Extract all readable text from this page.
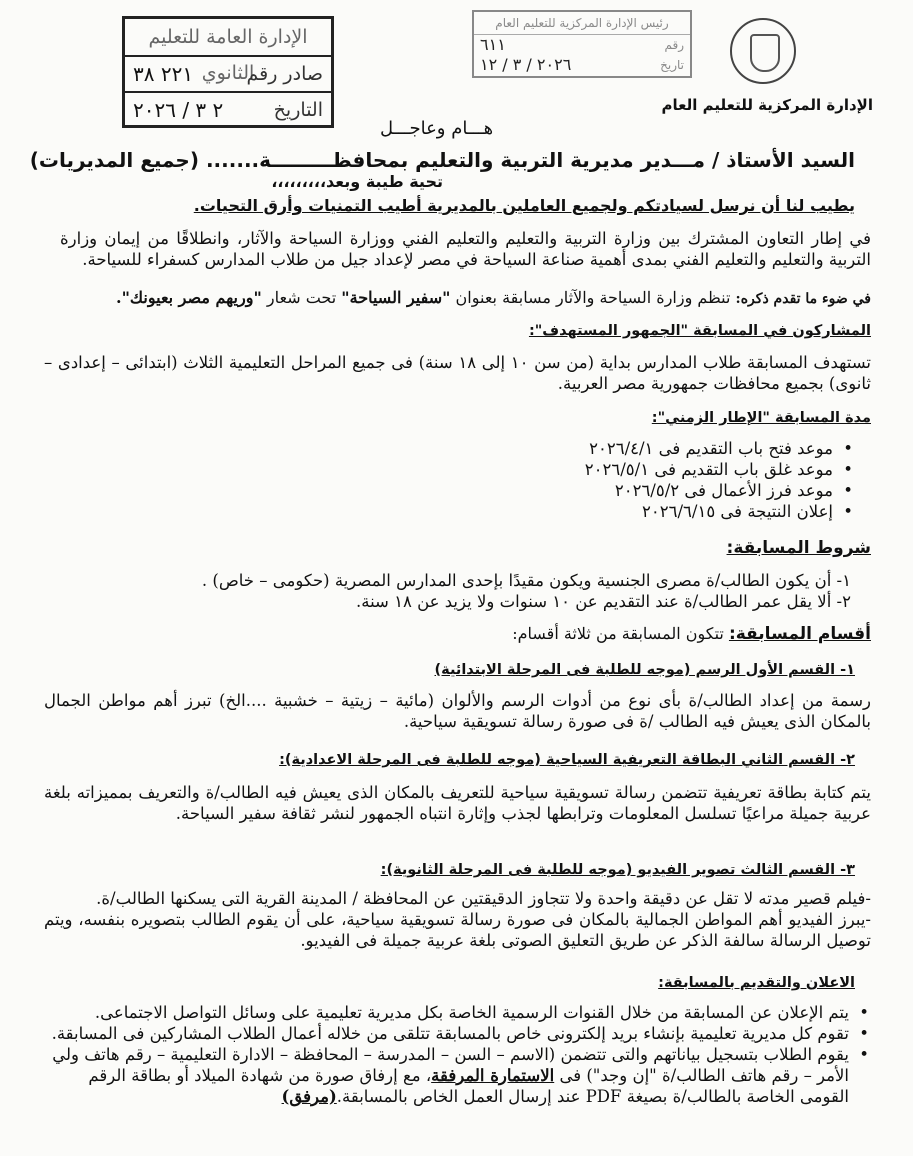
الإدارة العامة للتعليم الثانوي
صادر رقم
٢٢١ ٣٨
التاريخ
٢ ٣ / ٢٠٢٦
رئيس الإدارة المركزية للتعليم العام
رقم
٦١١
تاريخ
٢٠٢٦ / ٣ / ١٢
الإدارة المركزية للتعليم العام
هـــام وعاجـــل
السيد الأستاذ / مـــدير مديرية التربية والتعليم بمحافظـــــــــة....... (جميع المديريات)
تحية طيبة وبعد،،،،،،،،،
يطيب لنا أن نرسل لسيادتكم ولجميع العاملين بالمديرية أطيب التمنيات وأرق التحيات.

في إطار التعاون المشترك بين وزارة التربية والتعليم والتعليم الفني ووزارة السياحة والآثار، وانطلاقًا من إيمان وزارة التربية والتعليم والتعليم الفني بمدى أهمية صناعة السياحة في مصر لإعداد جيل من طلاب المدارس كسفراء للسياحة.

في ضوء ما تقدم ذكره: تنظم وزارة السياحة والآثار مسابقة بعنوان "سفير السياحة" تحت شعار "وريهم مصر بعيونك".
المشاركون في المسابقة "الجمهور المستهدف":

تستهدف المسابقة طلاب المدارس بداية (من سن ١٠ إلى ١٨ سنة) فى جميع المراحل التعليمية الثلاث (ابتدائى – إعدادى – ثانوى) بجميع محافظات جمهورية مصر العربية.

مدة المسابقة "الإطار الزمني":
• موعد فتح باب التقديم فى ٢٠٢٦/٤/١
• موعد غلق باب التقديم فى ٢٠٢٦/٥/١
• موعد فرز الأعمال فى ٢٠٢٦/٥/٢
• إعلان النتيجة فى ٢٠٢٦/٦/١٥
شروط المسابقة:
١- أن يكون الطالب/ة مصرى الجنسية ويكون مقيدًا بإحدى المدارس المصرية (حكومى – خاص) .
٢- ألا يقل عمر الطالب/ة عند التقديم عن ١٠ سنوات ولا يزيد عن ١٨ سنة.
أقسام المسابقة: تتكون المسابقة من ثلاثة أقسام:
١- القسم الأول الرسم (موجه للطلبة فى المرحلة الابتدائية)

رسمة من إعداد الطالب/ة بأى نوع من أدوات الرسم والألوان (مائية – زيتية – خشبية ....الخ) تبرز أهم مواطن الجمال بالمكان الذى يعيش فيه الطالب /ة فى صورة رسالة تسويقية سياحية.

٢- القسم الثاني البطاقة التعريفية السياحية (موجه للطلبة فى المرحلة الاعدادية):

يتم كتابة بطاقة تعريفية تتضمن رسالة تسويقية سياحية للتعريف بالمكان الذى يعيش فيه الطالب/ة والتعريف بمميزاته بلغة عربية جميلة مراعيًا تسلسل المعلومات وترابطها لجذب وإثارة انتباه الجمهور لنشر ثقافة سفير السياحة.

٣- القسم الثالث تصوير الفيديو (موجه للطلبة فى المرحلة الثانوية):

-فيلم قصير مدته لا تقل عن دقيقة واحدة ولا تتجاوز الدقيقتين عن المحافظة / المدينة القرية التى يسكنها الطالب/ة.

-يبرز الفيديو أهم المواطن الجمالية بالمكان فى صورة رسالة تسويقية سياحية، على أن يقوم الطالب بتصويره بنفسه، ويتم توصيل الرسالة سالفة الذكر عن طريق التعليق الصوتى بلغة عربية جميلة فى الفيديو.

الاعلان والتقديم بالمسابقة:
• يتم الإعلان عن المسابقة من خلال القنوات الرسمية الخاصة بكل مديرية تعليمية على وسائل التواصل الاجتماعى.
• تقوم كل مديرية تعليمية بإنشاء بريد إلكترونى خاص بالمسابقة تتلقى من خلاله أعمال الطلاب المشاركين فى المسابقة.
• يقوم الطلاب بتسجيل بياناتهم والتى تتضمن (الاسم – السن – المدرسة – المحافظة – الادارة التعليمية – رقم هاتف ولي الأمر – رقم هاتف الطالب/ة "إن وجد") فى الاستمارة المرفقة، مع إرفاق صورة من شهادة الميلاد أو بطاقة الرقم القومى الخاصة بالطالب/ة بصيغة PDF عند إرسال العمل الخاص بالمسابقة.(مرفق)
